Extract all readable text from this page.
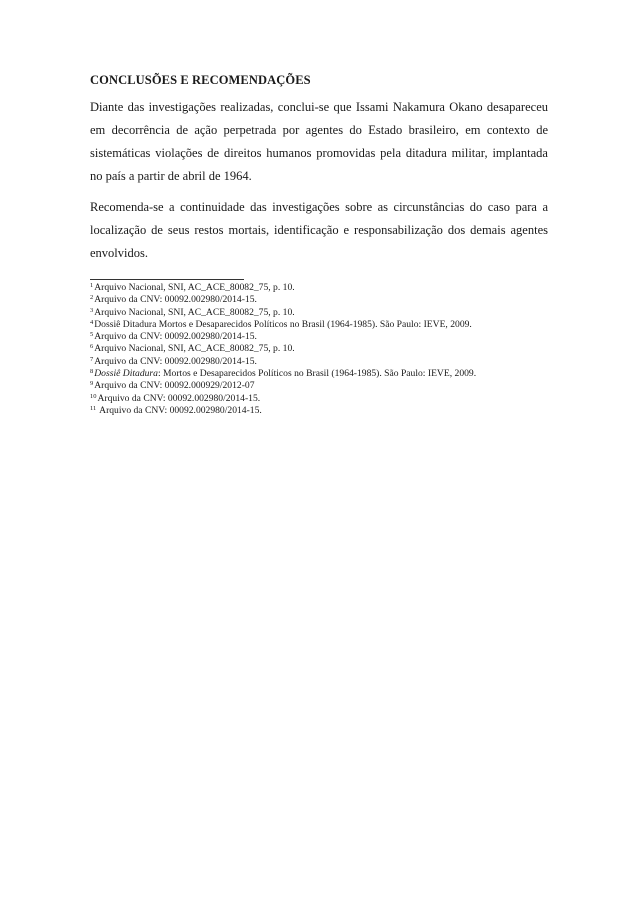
CONCLUSÕES E RECOMENDAÇÕES

Diante das investigações realizadas, conclui-se que Issami Nakamura Okano desapareceu em decorrência de ação perpetrada por agentes do Estado brasileiro, em contexto de sistemáticas violações de direitos humanos promovidas pela ditadura militar, implantada no país a partir de abril de 1964.

Recomenda-se a continuidade das investigações sobre as circunstâncias do caso para a localização de seus restos mortais, identificação e responsabilização dos demais agentes envolvidos.

$^1$Arquivo Nacional, SNI, AC_ACE_80082_75, p. 10.
$^2$Arquivo da CNV: 00092.002980/2014-15.
$^3$Arquivo Nacional, SNI, AC_ACE_80082_75, p. 10.
$^4$Dossiê Ditadura Mortos e Desaparecidos Políticos no Brasil (1964-1985). São Paulo: IEVE, 2009.
$^5$Arquivo da CNV: 00092.002980/2014-15.
$^6$Arquivo Nacional, SNI, AC_ACE_80082_75, p. 10.
$^7$Arquivo da CNV: 00092.002980/2014-15.
$^8$Dossiê Ditadura: Mortos e Desaparecidos Políticos no Brasil (1964-1985). São Paulo: IEVE, 2009.
$^9$Arquivo da CNV: 00092.000929/2012-07
$^{10}$Arquivo da CNV: 00092.002980/2014-15.
$^{11}$ Arquivo da CNV: 00092.002980/2014-15.
